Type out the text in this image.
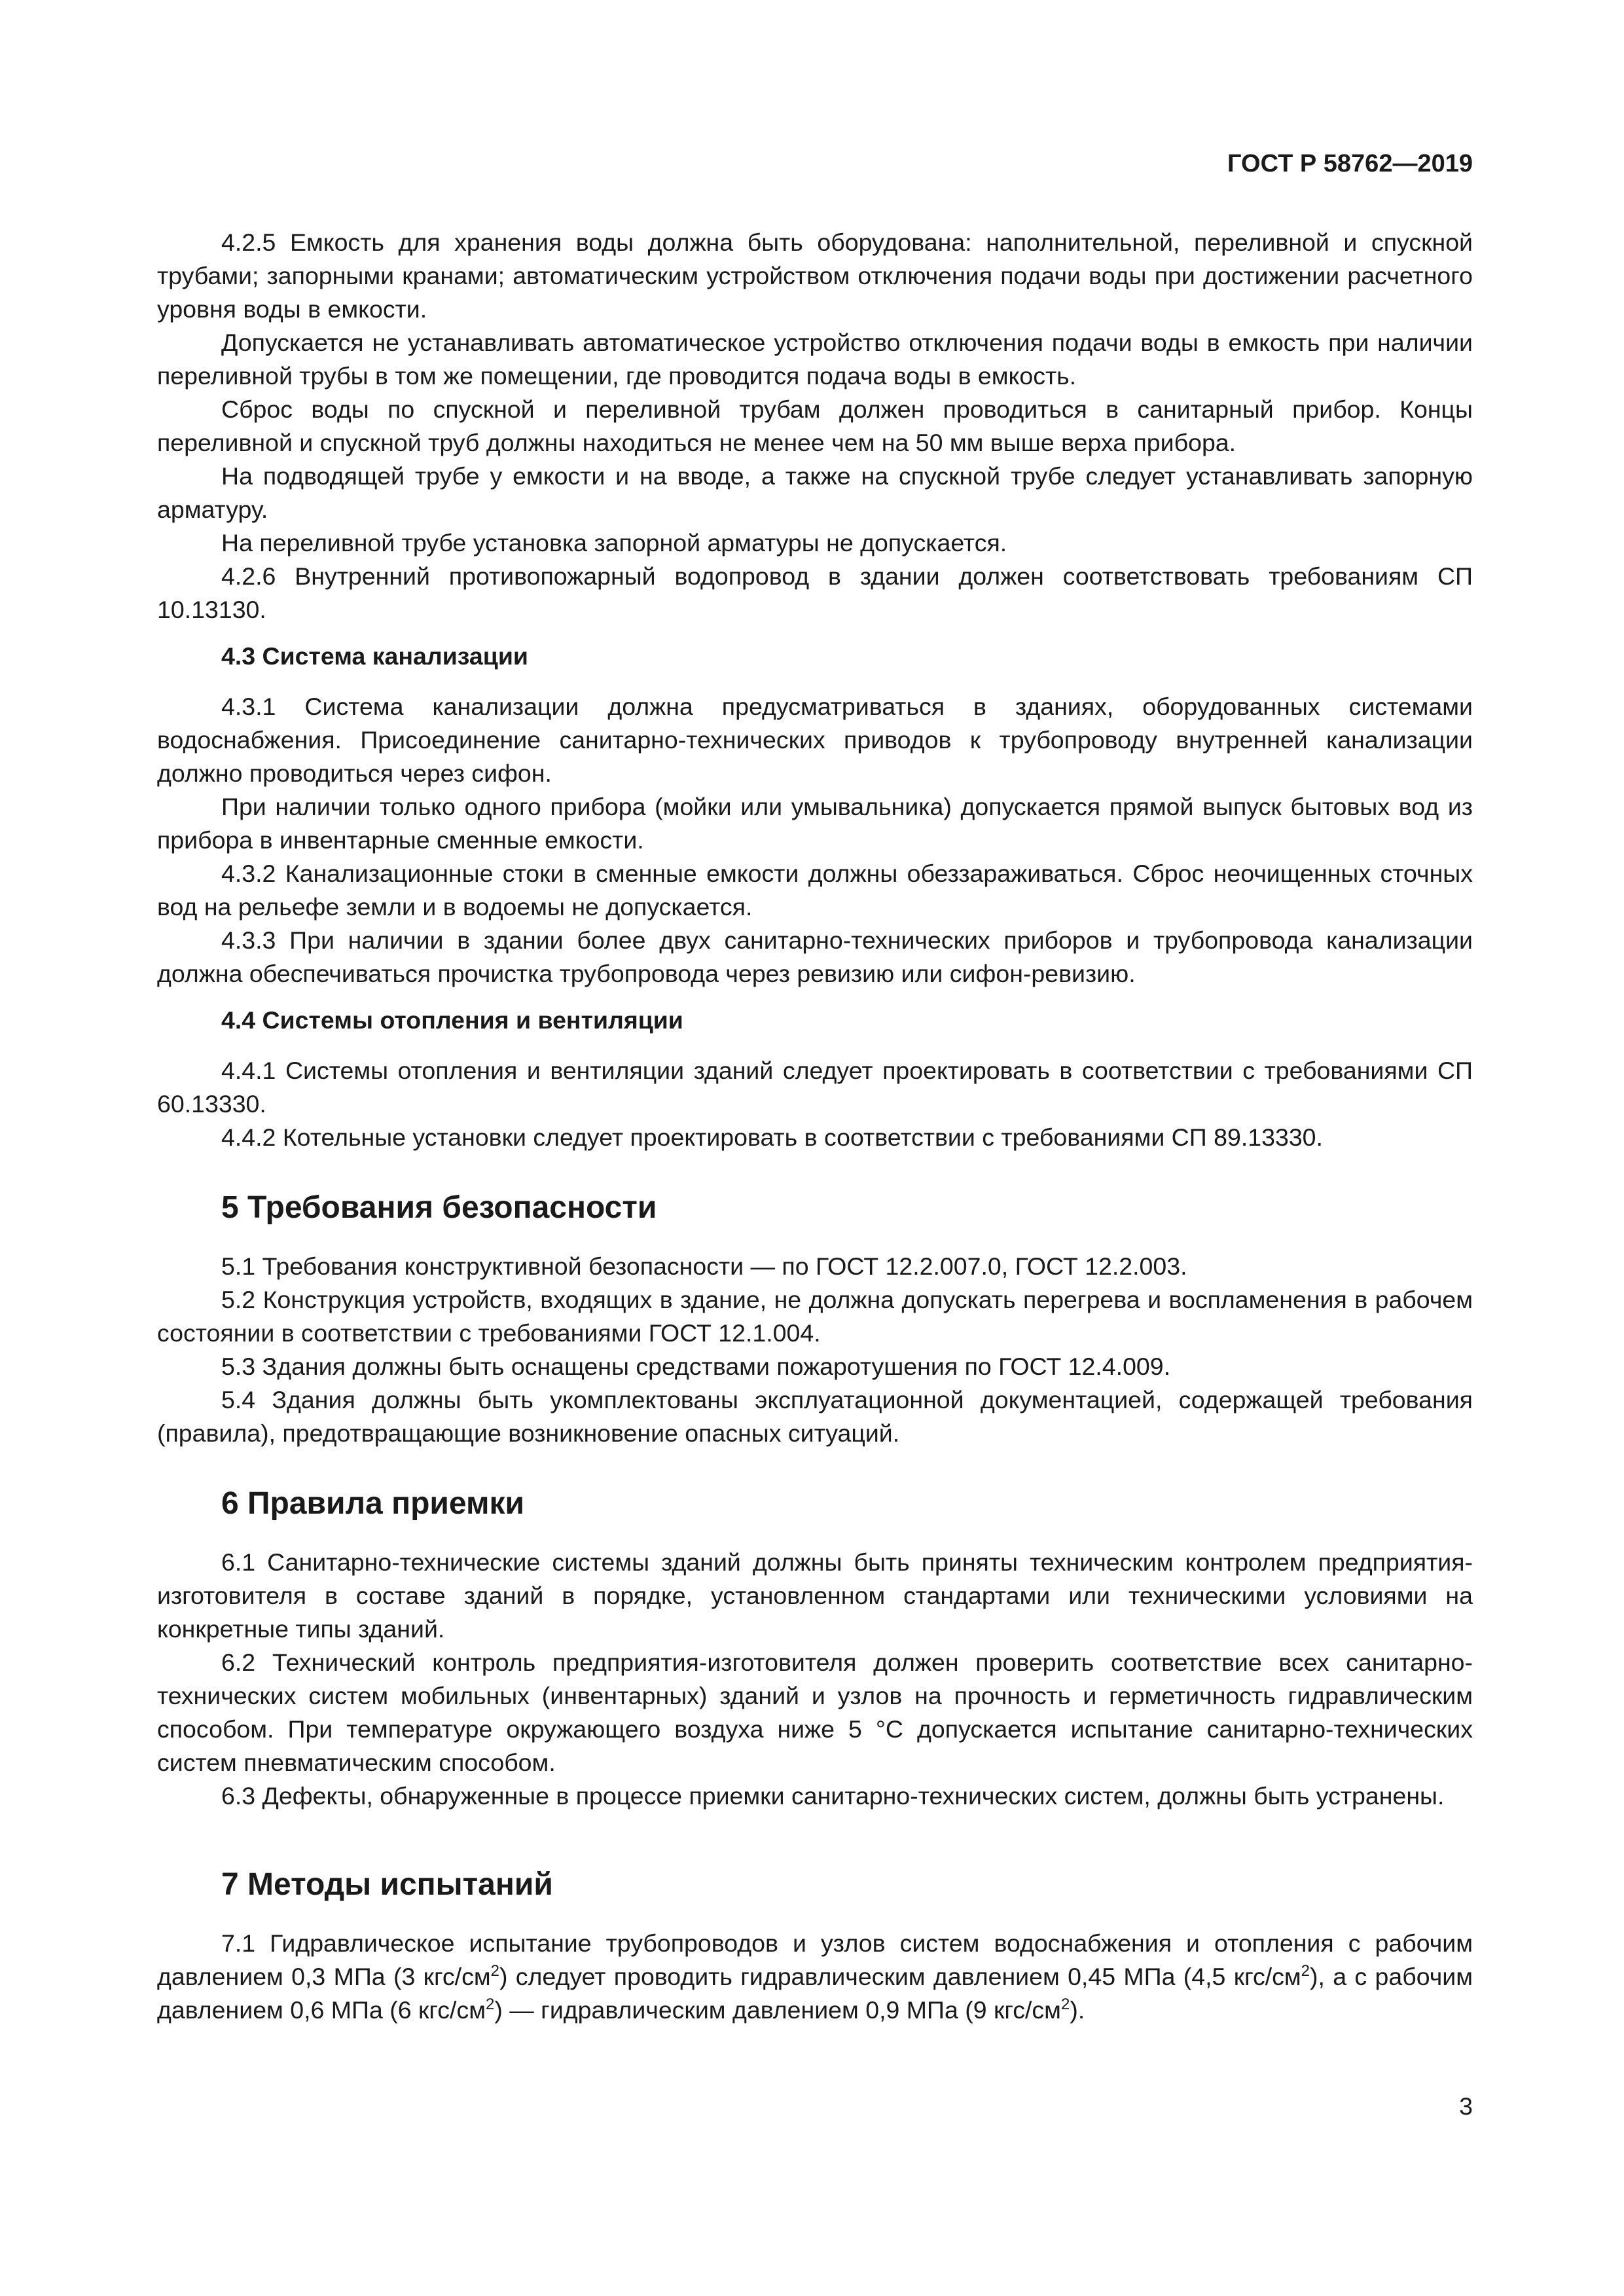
ГОСТ Р 58762—2019

4.2.5 Емкость для хранения воды должна быть оборудована: наполнительной, переливной и спускной трубами; запорными кранами; автоматическим устройством отключения подачи воды при достижении расчетного уровня воды в емкости.

Допускается не устанавливать автоматическое устройство отключения подачи воды в емкость при наличии переливной трубы в том же помещении, где проводится подача воды в емкость.

Сброс воды по спускной и переливной трубам должен проводиться в санитарный прибор. Концы переливной и спускной труб должны находиться не менее чем на 50 мм выше верха прибора.

На подводящей трубе у емкости и на вводе, а также на спускной трубе следует устанавливать запорную арматуру.

На переливной трубе установка запорной арматуры не допускается.

4.2.6 Внутренний противопожарный водопровод в здании должен соответствовать требованиям СП 10.13130.

4.3 Система канализации

4.3.1 Система канализации должна предусматриваться в зданиях, оборудованных системами водоснабжения. Присоединение санитарно-технических приводов к трубопроводу внутренней канализации должно проводиться через сифон.

При наличии только одного прибора (мойки или умывальника) допускается прямой выпуск бытовых вод из прибора в инвентарные сменные емкости.

4.3.2 Канализационные стоки в сменные емкости должны обеззараживаться. Сброс неочищенных сточных вод на рельефе земли и в водоемы не допускается.

4.3.3 При наличии в здании более двух санитарно-технических приборов и трубопровода канализации должна обеспечиваться прочистка трубопровода через ревизию или сифон-ревизию.

4.4 Системы отопления и вентиляции

4.4.1 Системы отопления и вентиляции зданий следует проектировать в соответствии с требованиями СП 60.13330.

4.4.2 Котельные установки следует проектировать в соответствии с требованиями СП 89.13330.

5 Требования безопасности

5.1 Требования конструктивной безопасности — по ГОСТ 12.2.007.0, ГОСТ 12.2.003.

5.2 Конструкция устройств, входящих в здание, не должна допускать перегрева и воспламенения в рабочем состоянии в соответствии с требованиями ГОСТ 12.1.004.

5.3 Здания должны быть оснащены средствами пожаротушения по ГОСТ 12.4.009.

5.4 Здания должны быть укомплектованы эксплуатационной документацией, содержащей требования (правила), предотвращающие возникновение опасных ситуаций.

6 Правила приемки

6.1 Санитарно-технические системы зданий должны быть приняты техническим контролем предприятия-изготовителя в составе зданий в порядке, установленном стандартами или техническими условиями на конкретные типы зданий.

6.2 Технический контроль предприятия-изготовителя должен проверить соответствие всех санитарно-технических систем мобильных (инвентарных) зданий и узлов на прочность и герметичность гидравлическим способом. При температуре окружающего воздуха ниже 5 °С допускается испытание санитарно-технических систем пневматическим способом.

6.3 Дефекты, обнаруженные в процессе приемки санитарно-технических систем, должны быть устранены.

7 Методы испытаний

7.1 Гидравлическое испытание трубопроводов и узлов систем водоснабжения и отопления с рабочим давлением 0,3 МПа (3 кгс/$см^2$) следует проводить гидравлическим давлением 0,45 МПа (4,5 кгс/$см^2$), а с рабочим давлением 0,6 МПа (6 кгс/$см^2$) — гидравлическим давлением 0,9 МПа (9 кгс/$см^2$).

3
